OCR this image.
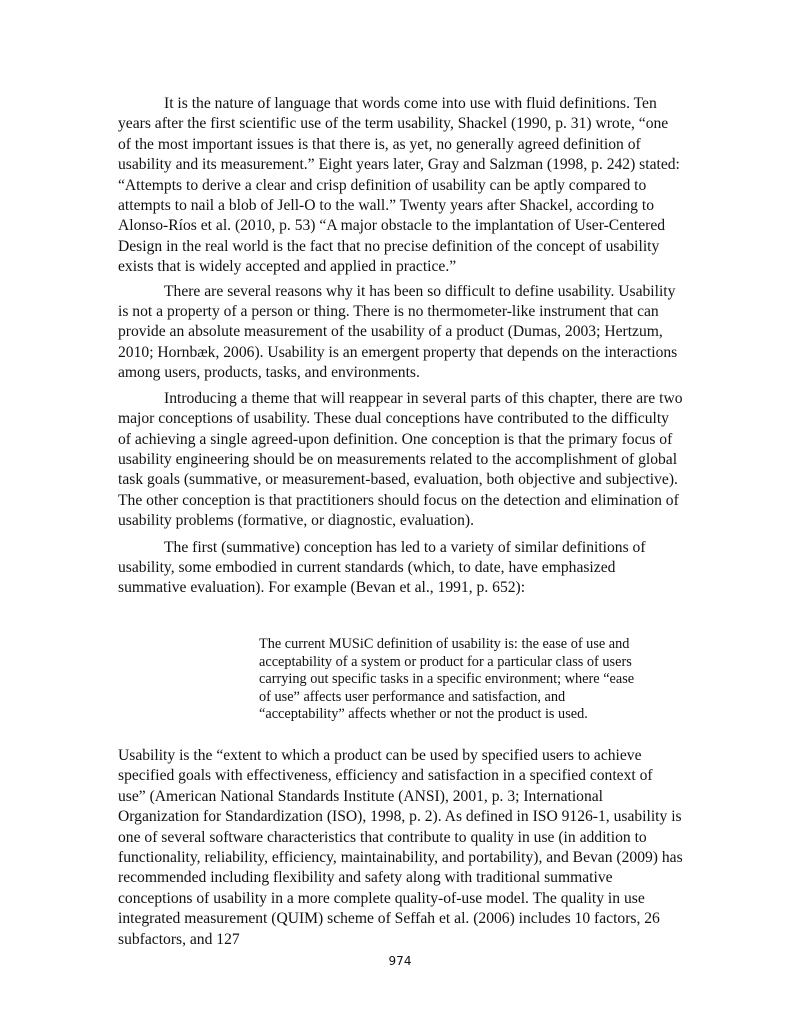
It is the nature of language that words come into use with fluid definitions. Ten years after the first scientific use of the term usability, Shackel (1990, p. 31) wrote, “one of the most important issues is that there is, as yet, no generally agreed definition of usability and its measurement.” Eight years later, Gray and Salzman (1998, p. 242) stated: “Attempts to derive a clear and crisp definition of usability can be aptly compared to attempts to nail a blob of Jell-O to the wall.” Twenty years after Shackel, according to Alonso-Ríos et al. (2010, p. 53) “A major obstacle to the implantation of User-Centered Design in the real world is the fact that no precise definition of the concept of usability exists that is widely accepted and applied in practice.”

There are several reasons why it has been so difficult to define usability. Usability is not a property of a person or thing. There is no thermometer-like instrument that can provide an absolute measurement of the usability of a product (Dumas, 2003; Hertzum, 2010; Hornbæk, 2006). Usability is an emergent property that depends on the interactions among users, products, tasks, and environments.

Introducing a theme that will reappear in several parts of this chapter, there are two major conceptions of usability. These dual conceptions have contributed to the difficulty of achieving a single agreed-upon definition. One conception is that the primary focus of usability engineering should be on measurements related to the accomplishment of global task goals (summative, or measurement-based, evaluation, both objective and subjective). The other conception is that practitioners should focus on the detection and elimination of usability problems (formative, or diagnostic, evaluation).

The first (summative) conception has led to a variety of similar definitions of usability, some embodied in current standards (which, to date, have emphasized summative evaluation). For example (Bevan et al., 1991, p. 652):

The current MUSiC definition of usability is: the ease of use and acceptability of a system or product for a particular class of users carrying out specific tasks in a specific environment; where “ease of use” affects user performance and satisfaction, and “acceptability” affects whether or not the product is used.

Usability is the “extent to which a product can be used by specified users to achieve specified goals with effectiveness, efficiency and satisfaction in a specified context of use” (American National Standards Institute (ANSI), 2001, p. 3; International Organization for Standardization (ISO), 1998, p. 2). As defined in ISO 9126-1, usability is one of several software characteristics that contribute to quality in use (in addition to functionality, reliability, efficiency, maintainability, and portability), and Bevan (2009) has recommended including flexibility and safety along with traditional summative conceptions of usability in a more complete quality-of-use model. The quality in use integrated measurement (QUIM) scheme of Seffah et al. (2006) includes 10 factors, 26 subfactors, and 127

974
